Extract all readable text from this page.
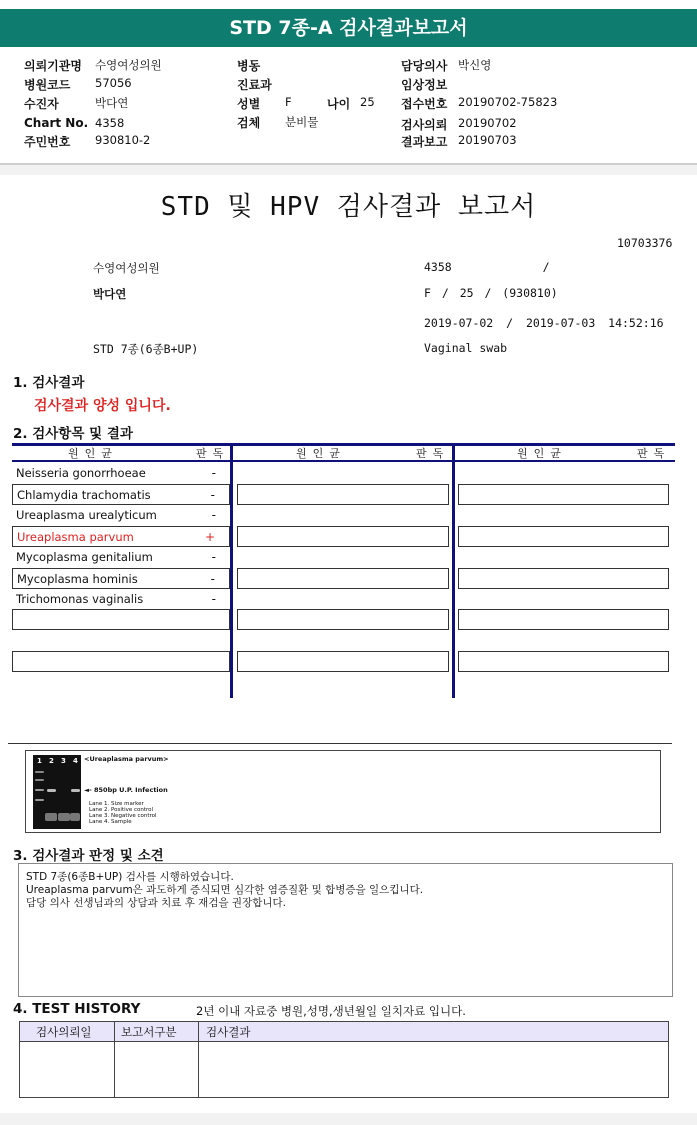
STD 7종-A 검사결과보고서
의뢰기관명 수영여성의원	병동	담당의사 박신영
병원코드 57056	진료과	임상정보
수진자	박다연	성별 F	나이 25 접수번호 20190702-75823
Chart No. 4358	검체 분비물	검사의뢰 20190702
주민번호 930810-2	결과보고 20190703
STD 및 HPV 검사결과 보고서
10703376
수영여성의원	4358 /
박다연	F / 25 / (930810)
2019-07-02 / 2019-07-03 14:52:16
STD 7종(6종B+UP)	Vaginal swab
1. 검사결과
검사결과 양성 입니다.
2. 검사항목 및 결과
원인균	판독	원인균	판독	원인균	판독
Neisseria gonorrhoeae	-
Chlamydia trachomatis	-
Ureaplasma urealyticum	-
Ureaplasma parvum	+
Mycoplasma genitalium	-
Mycoplasma hominis	-
Trichomonas vaginalis	-
1 2 3 4 <Ureaplasma parvum>
◄- 850bp U.P. Infection
Lane 1. Size marker
Lane 2. Positive control
Lane 3. Negative control
Lane 4. Sample
3. 검사결과 판정 및 소견
STD 7종(6종B+UP) 검사를 시행하였습니다.
Ureaplasma parvum은 과도하게 증식되면 심각한 염증질환 및 합병증을 일으킵니다.
담당 의사 선생님과의 상담과 치료 후 재검을 권장합니다.
4. TEST HISTORY	2년 이내 자료중 병원,성명,생년월일 일치자료 입니다.
검사의뢰일	보고서구분	검사결과
